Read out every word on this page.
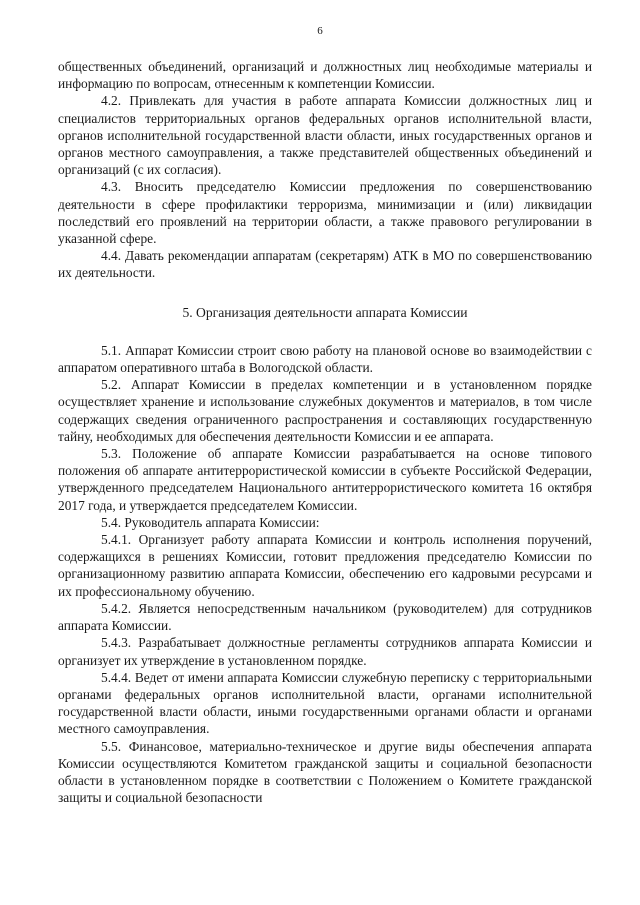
6

общественных объединений, организаций и должностных лиц необходимые материалы и информацию по вопросам, отнесенным к компетенции Комиссии.

4.2. Привлекать для участия в работе аппарата Комиссии должностных лиц и специалистов территориальных органов федеральных органов исполнительной власти, органов исполнительной государственной власти области, иных государственных органов и органов местного самоуправления, а также представителей общественных объединений и организаций (с их согласия).

4.3. Вносить председателю Комиссии предложения по совершенствованию деятельности в сфере профилактики терроризма, минимизации и (или) ликвидации последствий его проявлений на территории области, а также правового регулировании в указанной сфере.

4.4. Давать рекомендации аппаратам (секретарям) АТК в МО по совершенствованию их деятельности.

5. Организация деятельности аппарата Комиссии

5.1. Аппарат Комиссии строит свою работу на плановой основе во взаимодействии с аппаратом оперативного штаба в Вологодской области.

5.2. Аппарат Комиссии в пределах компетенции и в установленном порядке осуществляет хранение и использование служебных документов и материалов, в том числе содержащих сведения ограниченного распространения и составляющих государственную тайну, необходимых для обеспечения деятельности Комиссии и ее аппарата.

5.3. Положение об аппарате Комиссии разрабатывается на основе типового положения об аппарате антитеррористической комиссии в субъекте Российской Федерации, утвержденного председателем Национального антитеррористического комитета 16 октября 2017 года, и утверждается председателем Комиссии.

5.4. Руководитель аппарата Комиссии:

5.4.1. Организует работу аппарата Комиссии и контроль исполнения поручений, содержащихся в решениях Комиссии, готовит предложения председателю Комиссии по организационному развитию аппарата Комиссии, обеспечению его кадровыми ресурсами и их профессиональному обучению.

5.4.2. Является непосредственным начальником (руководителем) для сотрудников аппарата Комиссии.

5.4.3. Разрабатывает должностные регламенты сотрудников аппарата Комиссии и организует их утверждение в установленном порядке.

5.4.4. Ведет от имени аппарата Комиссии служебную переписку с территориальными органами федеральных органов исполнительной власти, органами исполнительной государственной власти области, иными государственными органами области и органами местного самоуправления.

5.5. Финансовое, материально-техническое и другие виды обеспечения аппарата Комиссии осуществляются Комитетом гражданской защиты и социальной безопасности области в установленном порядке в соответствии с Положением о Комитете гражданской защиты и социальной безопасности
